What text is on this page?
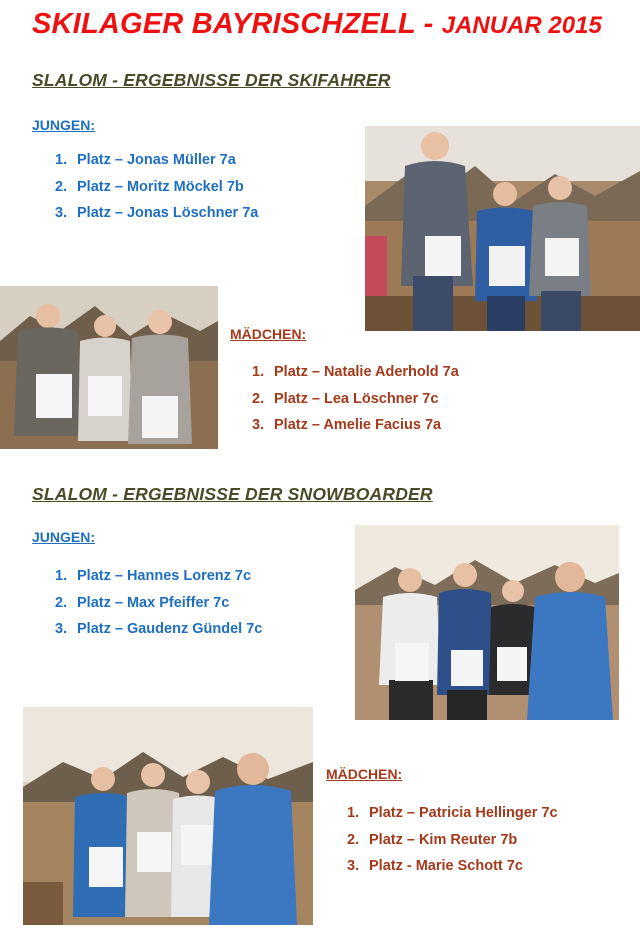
SKILAGER BAYRISCHZELL - JANUAR 2015
SLALOM - ERGEBNISSE DER SKIFAHRER
JUNGEN:
1. Platz – Jonas Müller 7a
2. Platz – Moritz Möckel 7b
3. Platz – Jonas Löschner 7a
MÄDCHEN:
1. Platz – Natalie Aderhold 7a
2. Platz – Lea Löschner 7c
3. Platz – Amelie Facius 7a
SLALOM - ERGEBNISSE DER SNOWBOARDER
JUNGEN:
1. Platz – Hannes Lorenz 7c
2. Platz – Max Pfeiffer 7c
3. Platz – Gaudenz Gündel 7c
MÄDCHEN:
1. Platz – Patricia Hellinger 7c
2. Platz – Kim Reuter 7b
3. Platz - Marie Schott 7c
